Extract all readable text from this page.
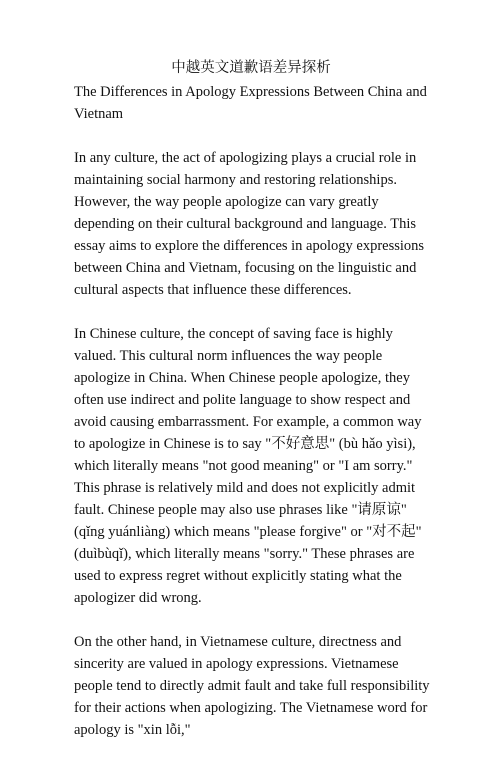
中越英文道歉语差异探析

The Differences in Apology Expressions Between China and Vietnam

In any culture, the act of apologizing plays a crucial role in maintaining social harmony and restoring relationships. However, the way people apologize can vary greatly depending on their cultural background and language. This essay aims to explore the differences in apology expressions between China and Vietnam, focusing on the linguistic and cultural aspects that influence these differences.

In Chinese culture, the concept of saving face is highly valued. This cultural norm influences the way people apologize in China. When Chinese people apologize, they often use indirect and polite language to show respect and avoid causing embarrassment. For example, a common way to apologize in Chinese is to say "不好意思" (bù hǎo yìsi), which literally means "not good meaning" or "I am sorry." This phrase is relatively mild and does not explicitly admit fault. Chinese people may also use phrases like "请原谅" (qǐng yuánliàng) which means "please forgive" or "对不起" (duìbùqǐ), which literally means "sorry." These phrases are used to express regret without explicitly stating what the apologizer did wrong.

On the other hand, in Vietnamese culture, directness and sincerity are valued in apology expressions. Vietnamese people tend to directly admit fault and take full responsibility for their actions when apologizing. The Vietnamese word for apology is "xin lỗi,"
